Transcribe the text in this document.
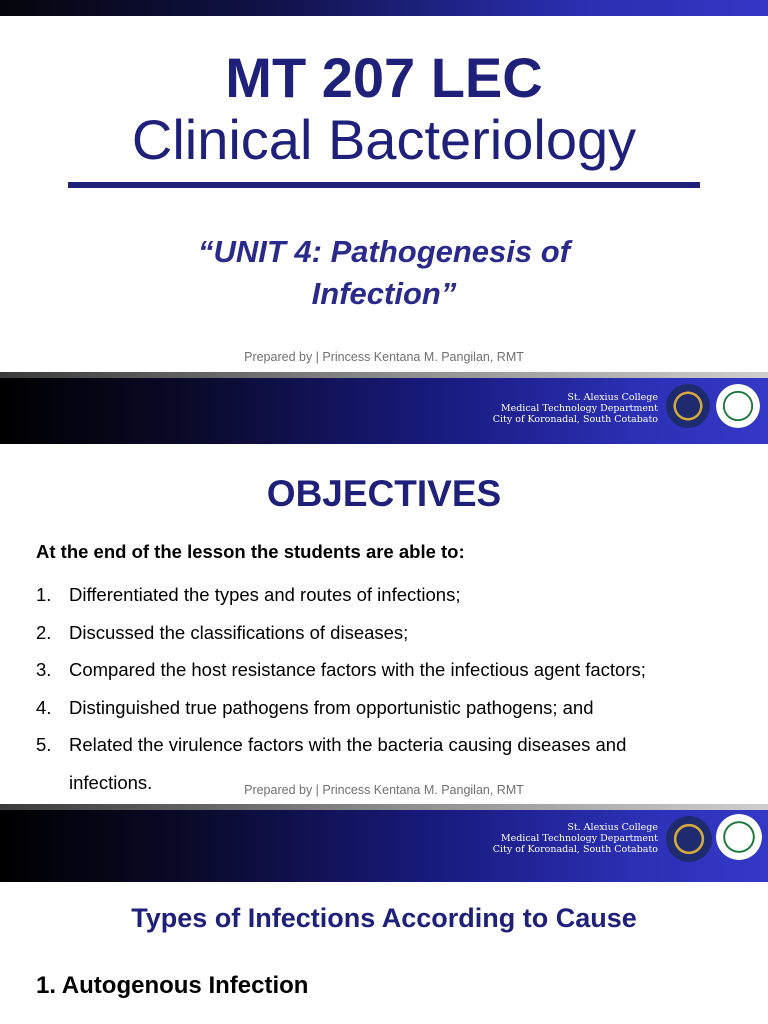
MT 207 LEC
Clinical Bacteriology
“UNIT 4: Pathogenesis of
Infection”
Prepared by | Princess Kentana M. Pangilan, RMT
St. Alexius College
Medical Technology Department
City of Koronadal, South Cotabato
OBJECTIVES
At the end of the lesson the students are able to:
1. Differentiated the types and routes of infections;
2. Discussed the classifications of diseases;
3. Compared the host resistance factors with the infectious agent factors;
4. Distinguished true pathogens from opportunistic pathogens; and
5. Related the virulence factors with the bacteria causing diseases and
infections.	Prepared by | Princess Kentana M. Pangilan, RMT
St. Alexius College
Medical Technology Department
City of Koronadal, South Cotabato
Types of Infections According to Cause
1. Autogenous Infection
